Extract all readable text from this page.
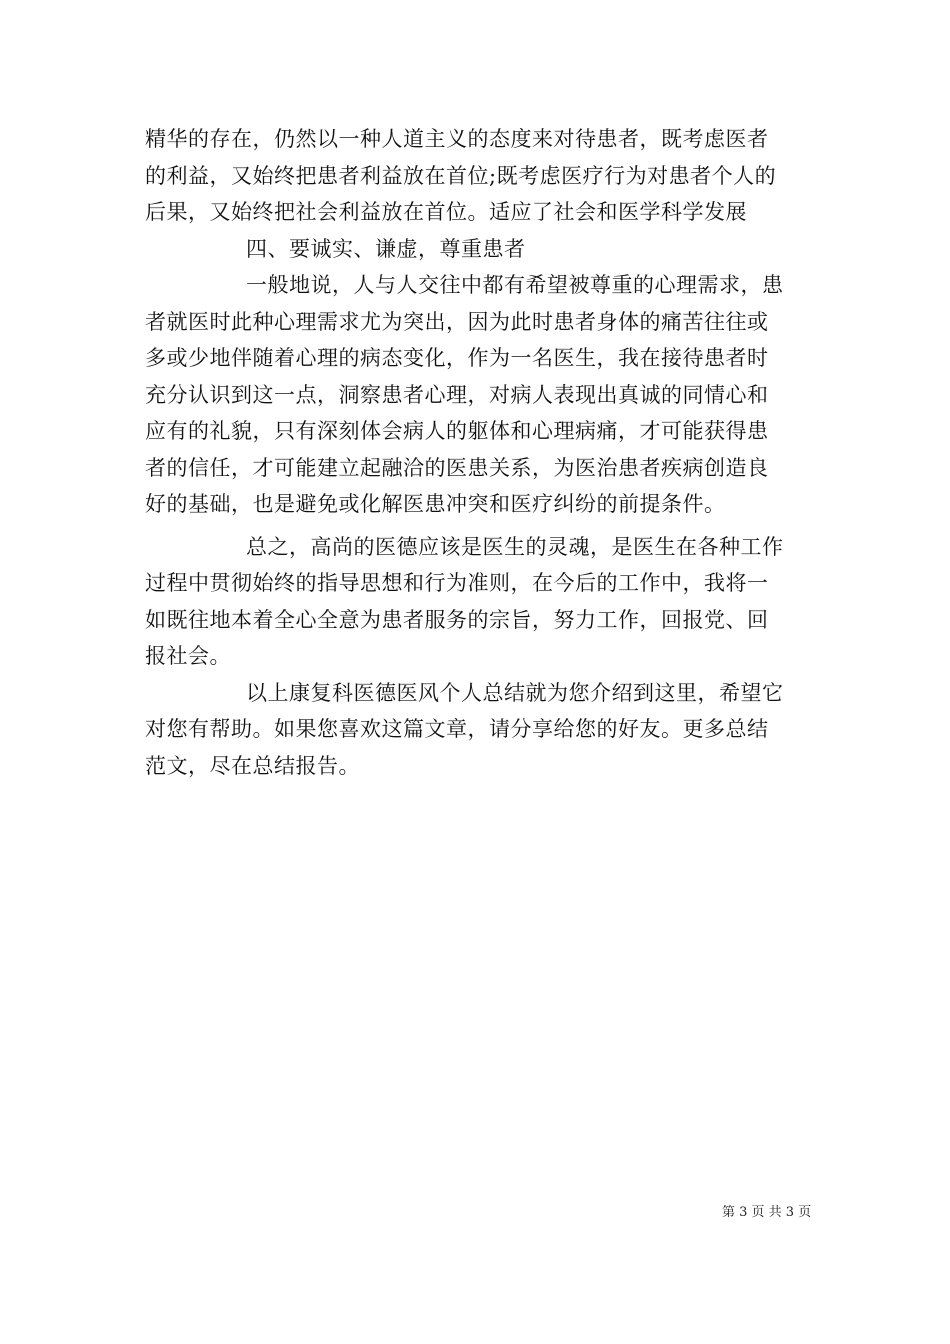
精华的存在，仍然以一种人道主义的态度来对待患者，既考虑医者
的利益，又始终把患者利益放在首位;既考虑医疗行为对患者个人的
后果，又始终把社会利益放在首位。适应了社会和医学科学发展
四、要诚实、谦虚，尊重患者
一般地说，人与人交往中都有希望被尊重的心理需求，患
者就医时此种心理需求尤为突出，因为此时患者身体的痛苦往往或
多或少地伴随着心理的病态变化，作为一名医生，我在接待患者时
充分认识到这一点，洞察患者心理，对病人表现出真诚的同情心和
应有的礼貌，只有深刻体会病人的躯体和心理病痛，才可能获得患
者的信任，才可能建立起融洽的医患关系，为医治患者疾病创造良
好的基础，也是避免或化解医患冲突和医疗纠纷的前提条件。
总之，高尚的医德应该是医生的灵魂，是医生在各种工作
过程中贯彻始终的指导思想和行为准则，在今后的工作中，我将一
如既往地本着全心全意为患者服务的宗旨，努力工作，回报党、回
报社会。
以上康复科医德医风个人总结就为您介绍到这里，希望它
对您有帮助。如果您喜欢这篇文章，请分享给您的好友。更多总结
范文，尽在总结报告。
第 3 页 共 3 页
